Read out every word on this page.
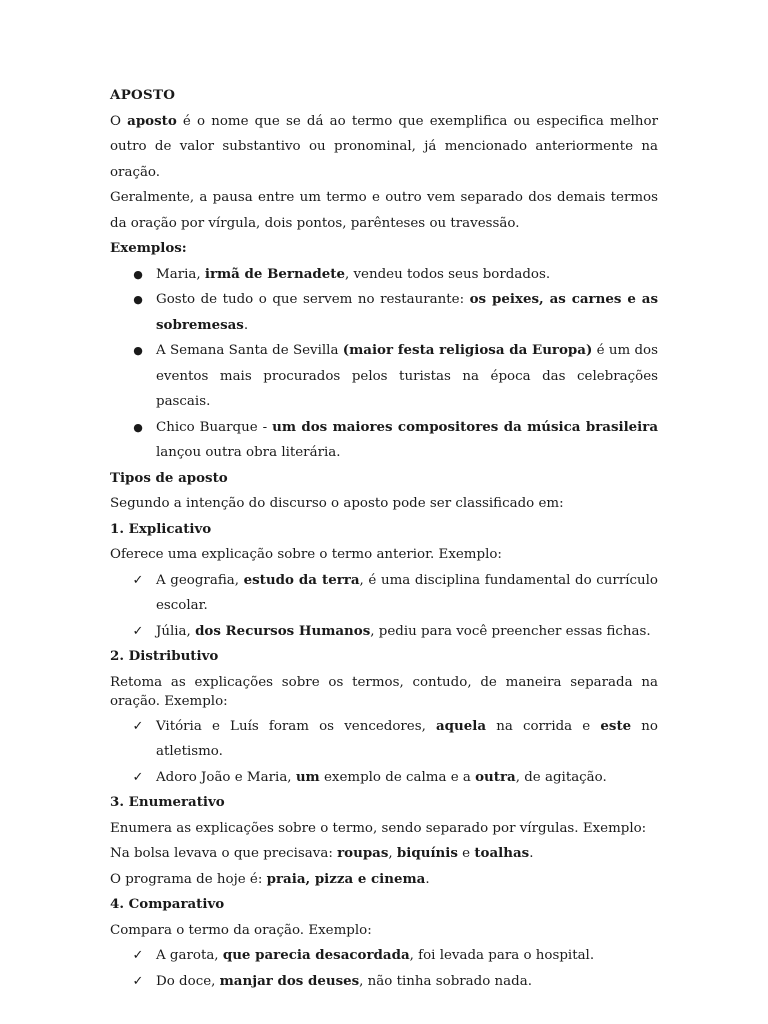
APOSTO

O aposto é o nome que se dá ao termo que exemplifica ou especifica melhor outro de valor substantivo ou pronominal, já mencionado anteriormente na oração.

Geralmente, a pausa entre um termo e outro vem separado dos demais termos da oração por vírgula, dois pontos, parênteses ou travessão.

Exemplos:

● Maria, irmã de Bernadete, vendeu todos seus bordados.
● Gosto de tudo o que servem no restaurante: os peixes, as carnes e as sobremesas.
● A Semana Santa de Sevilla (maior festa religiosa da Europa) é um dos eventos mais procurados pelos turistas na época das celebrações pascais.
● Chico Buarque - um dos maiores compositores da música brasileira lançou outra obra literária.

Tipos de aposto

Segundo a intenção do discurso o aposto pode ser classificado em:

1. Explicativo

Oferece uma explicação sobre o termo anterior. Exemplo:

✓ A geografia, estudo da terra, é uma disciplina fundamental do currículo escolar.
✓ Júlia, dos Recursos Humanos, pediu para você preencher essas fichas.

2. Distributivo

Retoma as explicações sobre os termos, contudo, de maneira separada na oração. Exemplo:

✓ Vitória e Luís foram os vencedores, aquela na corrida e este no atletismo.
✓ Adoro João e Maria, um exemplo de calma e a outra, de agitação.

3. Enumerativo

Enumera as explicações sobre o termo, sendo separado por vírgulas. Exemplo:

Na bolsa levava o que precisava: roupas, biquínis e toalhas.

O programa de hoje é: praia, pizza e cinema.

4. Comparativo

Compara o termo da oração. Exemplo:

✓ A garota, que parecia desacordada, foi levada para o hospital.
✓ Do doce, manjar dos deuses, não tinha sobrado nada.
